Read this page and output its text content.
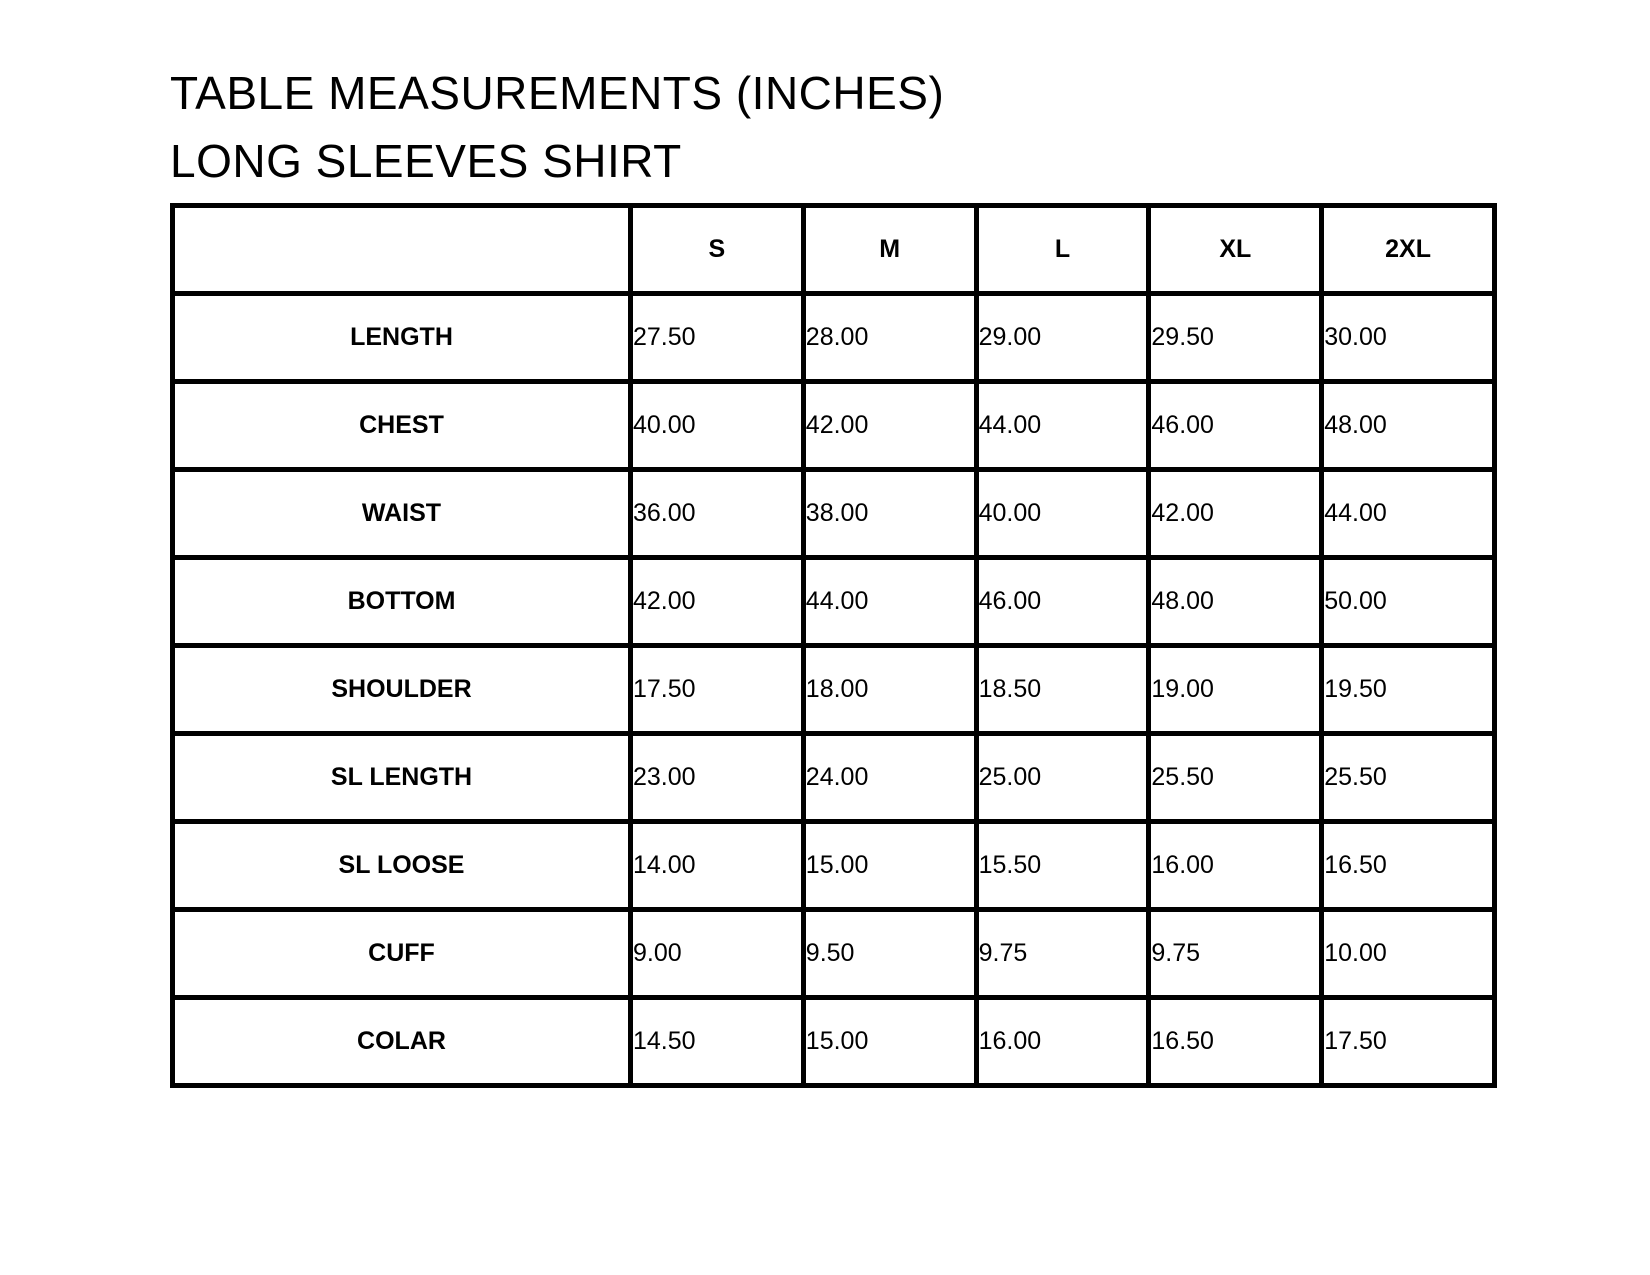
TABLE MEASUREMENTS (INCHES)
LONG SLEEVES SHIRT
	S	M	L	XL	2XL
LENGTH	27.50	28.00	29.00	29.50	30.00
CHEST	40.00	42.00	44.00	46.00	48.00
WAIST	36.00	38.00	40.00	42.00	44.00
BOTTOM	42.00	44.00	46.00	48.00	50.00
SHOULDER	17.50	18.00	18.50	19.00	19.50
SL LENGTH	23.00	24.00	25.00	25.50	25.50
SL LOOSE	14.00	15.00	15.50	16.00	16.50
CUFF	9.00	9.50	9.75	9.75	10.00
COLAR	14.50	15.00	16.00	16.50	17.50
